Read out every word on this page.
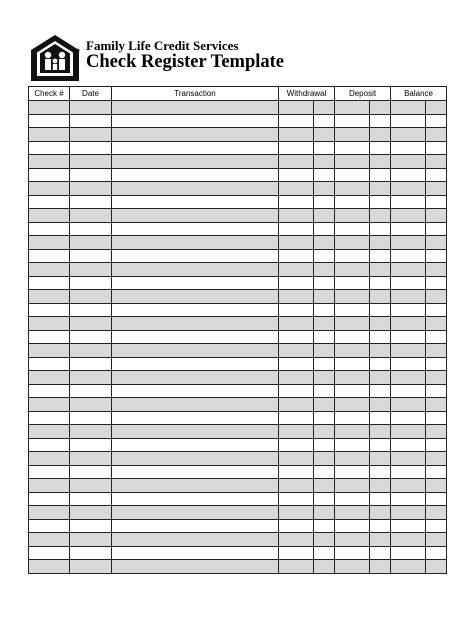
® Family Life Credit Services
Check Register Template
Check #	Date	Transaction	Withdrawal		Deposit		Balance	
